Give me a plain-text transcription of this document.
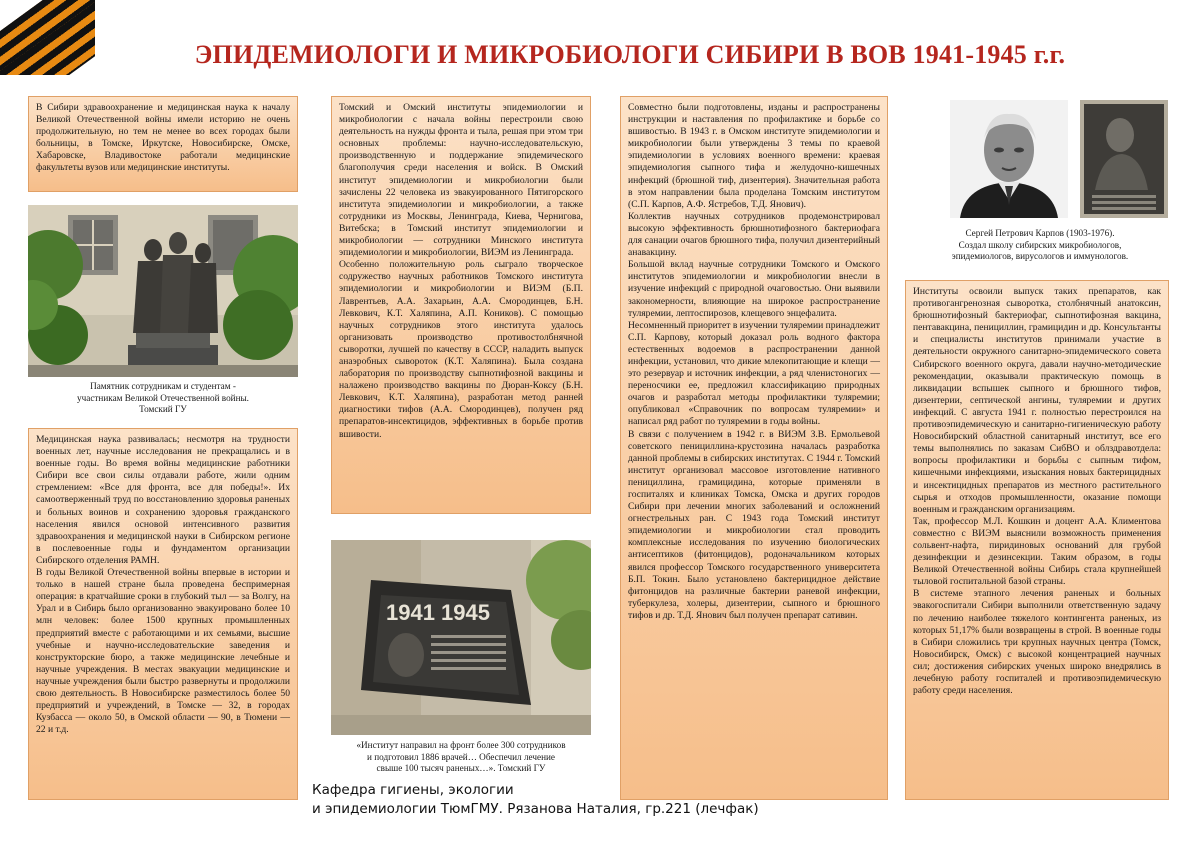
ЭПИДЕМИОЛОГИ И МИКРОБИОЛОГИ СИБИРИ В ВОВ 1941-1945 г.г.

В Сибири здравоохранение и медицинская наука к началу Великой Отечественной войны имели историю не очень продолжительную, но тем не менее во всех городах были больницы, в Томске, Иркутске, Новосибирске, Омске, Хабаровске, Владивостоке работали медицинские факультеты вузов или медицинские институты.

Памятник сотрудникам и студентам -

участникам Великой Отечественной войны.

Томский ГУ

Медицинская наука развивалась; несмотря на трудности военных лет, научные исследования не прекращались и в военные годы. Во время войны медицинские работники Сибири все свои силы отдавали работе, жили одним стремлением: «Все для фронта, все для победы!». Их самоотверженный труд по восстановлению здоровья раненых и больных воинов и сохранению здоровья гражданского населения явился основой интенсивного развития здравоохранения и медицинской науки в Сибирском регионе в послевоенные годы и фундаментом организации Сибирского отделения РАМН.

В годы Великой Отечественной войны впервые в истории и только в нашей стране была проведена беспримерная операция: в кратчайшие сроки в глубокий тыл — за Волгу, на Урал и в Сибирь было организованно эвакуировано более 10 млн человек: более 1500 крупных промышленных предприятий вместе с работающими и их семьями, высшие учебные и научно-исследовательские заведения и конструкторские бюро, а также медицинские лечебные и научные учреждения. В местах эвакуации медицинские и научные учреждения были быстро развернуты и продолжили свою деятельность. В Новосибирске разместилось более 50 предприятий и учреждений, в Томске — 32, в городах Кузбасса — около 50, в Омской области — 90, в Тюмени — 22 и т.д.

Томский и Омский институты эпидемиологии и микробиологии с начала войны перестроили свою деятельность на нужды фронта и тыла, решая при этом три основных проблемы: научно-исследовательскую, производственную и поддержание эпидемического благополучия среди населения и войск. В Омский институт эпидемиологии и микробиологии были зачислены 22 человека из эвакуированного Пятигорского института эпидемиологии и микробиологии, а также сотрудники из Москвы, Ленинграда, Киева, Чернигова, Витебска; в Томский институт эпидемиологии и микробиологии — сотрудники Минского института эпидемиологии и микробиологии, ВИЭМ из Ленинграда.

Особенно положительную роль сыграло творческое содружество научных работников Томского института эпидемиологии и микробиологии и ВИЭМ (Б.П. Лаврентьев, А.А. Захарьин, А.А. Смородинцев, Б.Н. Левкович, К.Т. Халяпина, А.П. Коников). С помощью научных сотрудников этого института удалось организовать производство противостолбнячной сыворотки, лучшей по качеству в СССР, наладить выпуск анаэробных сывороток (К.Т. Халяпина). Была создана лаборатория по производству сыпнотифозной вакцины и налажено производство вакцины по Дюран-Коксу (Б.Н. Левкович, К.Т. Халяпина), разработан метод ранней диагностики тифов (А.А. Смородинцев), получен ряд препаратов-инсектицидов, эффективных в борьбе против вшивости.

1941 1945

«Институт направил на фронт более 300 сотрудников

и подготовил 1886 врачей… Обеспечил лечение

свыше 100 тысяч раненых…». Томский ГУ

Совместно были подготовлены, изданы и распространены инструкции и наставления по профилактике и борьбе со вшивостью. В 1943 г. в Омском институте эпидемиологии и микробиологии были утверждены 3 темы по краевой эпидемиологии в условиях военного времени: краевая эпидемиология сыпного тифа и желудочно-кишечных инфекций (брюшной тиф, дизентерия). Значительная работа в этом направлении была проделана Томским институтом (С.П. Карпов, А.Ф. Ястребов, Т.Д. Янович).

Коллектив научных сотрудников продемонстрировал высокую эффективность брюшнотифозного бактериофага для санации очагов брюшного тифа, получил дизентерийный анавакцину.

Большой вклад научные сотрудники Томского и Омского институтов эпидемиологии и микробиологии внесли в изучение инфекций с природной очаговостью. Они выявили закономерности, влияющие на широкое распространение туляремии, лептоспирозов, клещевого энцефалита.

Несомненный приоритет в изучении туляремии принадлежит С.П. Карпову, который доказал роль водного фактора естественных водоемов в распространении данной инфекции, установил, что дикие млекопитающие и клещи — это резервуар и источник инфекции, а ряд членистоногих — переносчики ее, предложил классификацию природных очагов и разработал методы профилактики туляремии; опубликовал «Справочник по вопросам туляремии» и написал ряд работ по туляремии в годы войны.

В связи с получением в 1942 г. в ВИЭМ З.В. Ермольевой советского пенициллина-крустозина началась разработка данной проблемы в сибирских институтах. С 1944 г. Томский институт организовал массовое изготовление нативного пенициллина, грамицидина, которые применяли в госпиталях и клиниках Томска, Омска и других городов Сибири при лечении многих заболеваний и осложнений огнестрельных ран. С 1943 года Томский институт эпидемиологии и микробиологии стал проводить комплексные исследования по изучению биологических антисептиков (фитонцидов), родоначальником которых явился профессор Томского государственного университета Б.П. Токин. Было установлено бактерицидное действие фитонцидов на различные бактерии раневой инфекции, туберкулеза, холеры, дизентерии, сыпного и брюшного тифов и др. Т.Д. Янович был получен препарат сативин.

Сергей Петрович Карпов (1903-1976).

Создал школу сибирских микробиологов,

эпидемиологов, вирусологов и иммунологов.

Институты освоили выпуск таких препаратов, как противогангренозная сыворотка, столбнячный анатоксин, брюшнотифозный бактериофаг, сыпнотифозная вакцина, пентавакцина, пенициллин, грамицидин и др. Консультанты и специалисты институтов принимали участие в деятельности окружного санитарно-эпидемического совета Сибирского военного округа, давали научно-методические рекомендации, оказывали практическую помощь в ликвидации вспышек сыпного и брюшного тифов, дизентерии, септической ангины, туляремии и других инфекций. С августа 1941 г. полностью перестроился на противоэпидемическую и санитарно-гигиеническую работу Новосибирский областной санитарный институт, все его темы выполнялись по заказам СибВО и облздравотдела: вопросы профилактики и борьбы с сыпным тифом, кишечными инфекциями, изыскания новых бактерицидных и инсектицидных препаратов из местного растительного сырья и отходов промышленности, оказание помощи военным и гражданским организациям.

Так, профессор М.Л. Кошкин и доцент А.А. Климентова совместно с ВИЭМ выяснили возможность применения сольвент-нафта, пиридиновых оснований для грубой дезинфекции и дезинсекции. Таким образом, в годы Великой Отечественной войны Сибирь стала крупнейшей тыловой госпитальной базой страны.

В системе этапного лечения раненых и больных эвакогоспитали Сибири выполнили ответственную задачу по лечению наиболее тяжелого контингента раненых, из которых 51,17% были возвращены в строй. В военные годы в Сибири сложились три крупных научных центра (Томск, Новосибирск, Омск) с высокой концентрацией научных сил; достижения сибирских ученых широко внедрялись в лечебную работу госпиталей и противоэпидемическую работу среди населения.

Кафедра гигиены, экологии
и эпидемиологии ТюмГМУ. Рязанова Наталия, гр.221 (лечфак)
